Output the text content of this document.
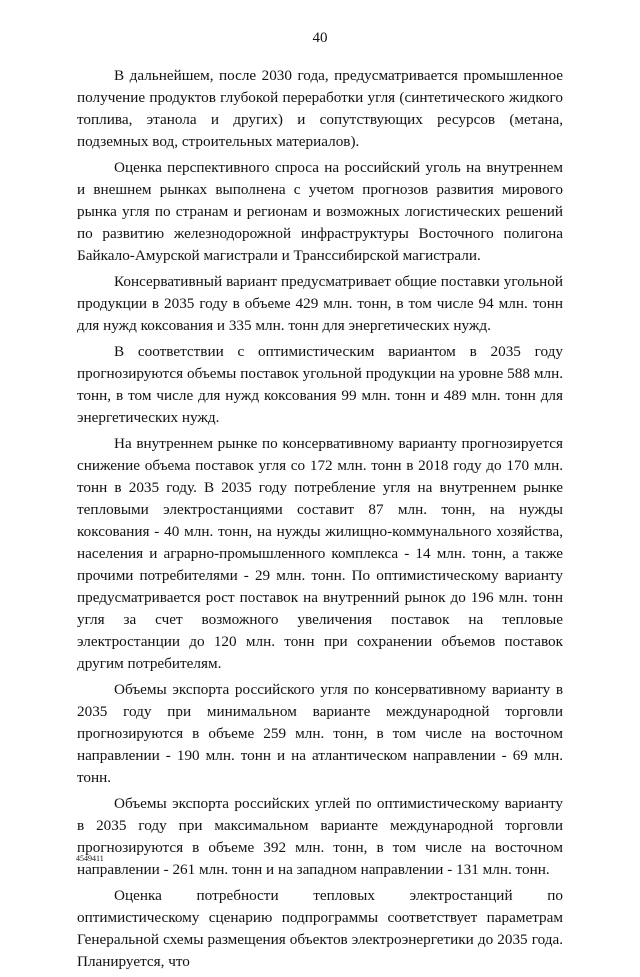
40

В дальнейшем, после 2030 года, предусматривается промышленное получение продуктов глубокой переработки угля (синтетического жидкого топлива, этанола и других) и сопутствующих ресурсов (метана, подземных вод, строительных материалов).

Оценка перспективного спроса на российский уголь на внутреннем и внешнем рынках выполнена с учетом прогнозов развития мирового рынка угля по странам и регионам и возможных логистических решений по развитию железнодорожной инфраструктуры Восточного полигона Байкало-Амурской магистрали и Транссибирской магистрали.

Консервативный вариант предусматривает общие поставки угольной продукции в 2035 году в объеме 429 млн. тонн, в том числе 94 млн. тонн для нужд коксования и 335 млн. тонн для энергетических нужд.

В соответствии с оптимистическим вариантом в 2035 году прогнозируются объемы поставок угольной продукции на уровне 588 млн. тонн, в том числе для нужд коксования 99 млн. тонн и 489 млн. тонн для энергетических нужд.

На внутреннем рынке по консервативному варианту прогнозируется снижение объема поставок угля со 172 млн. тонн в 2018 году до 170 млн. тонн в 2035 году. В 2035 году потребление угля на внутреннем рынке тепловыми электростанциями составит 87 млн. тонн, на нужды коксования - 40 млн. тонн, на нужды жилищно-коммунального хозяйства, населения и аграрно-промышленного комплекса - 14 млн. тонн, а также прочими потребителями - 29 млн. тонн. По оптимистическому варианту предусматривается рост поставок на внутренний рынок до 196 млн. тонн угля за счет возможного увеличения поставок на тепловые электростанции до 120 млн. тонн при сохранении объемов поставок другим потребителям.

Объемы экспорта российского угля по консервативному варианту в 2035 году при минимальном варианте международной торговли прогнозируются в объеме 259 млн. тонн, в том числе на восточном направлении - 190 млн. тонн и на атлантическом направлении - 69 млн. тонн.

Объемы экспорта российских углей по оптимистическому варианту в 2035 году при максимальном варианте международной торговли прогнозируются в объеме 392 млн. тонн, в том числе на восточном направлении - 261 млн. тонн и на западном направлении - 131 млн. тонн.

Оценка потребности тепловых электростанций по оптимистическому сценарию подпрограммы соответствует параметрам Генеральной схемы размещения объектов электроэнергетики до 2035 года. Планируется, что

4549411
